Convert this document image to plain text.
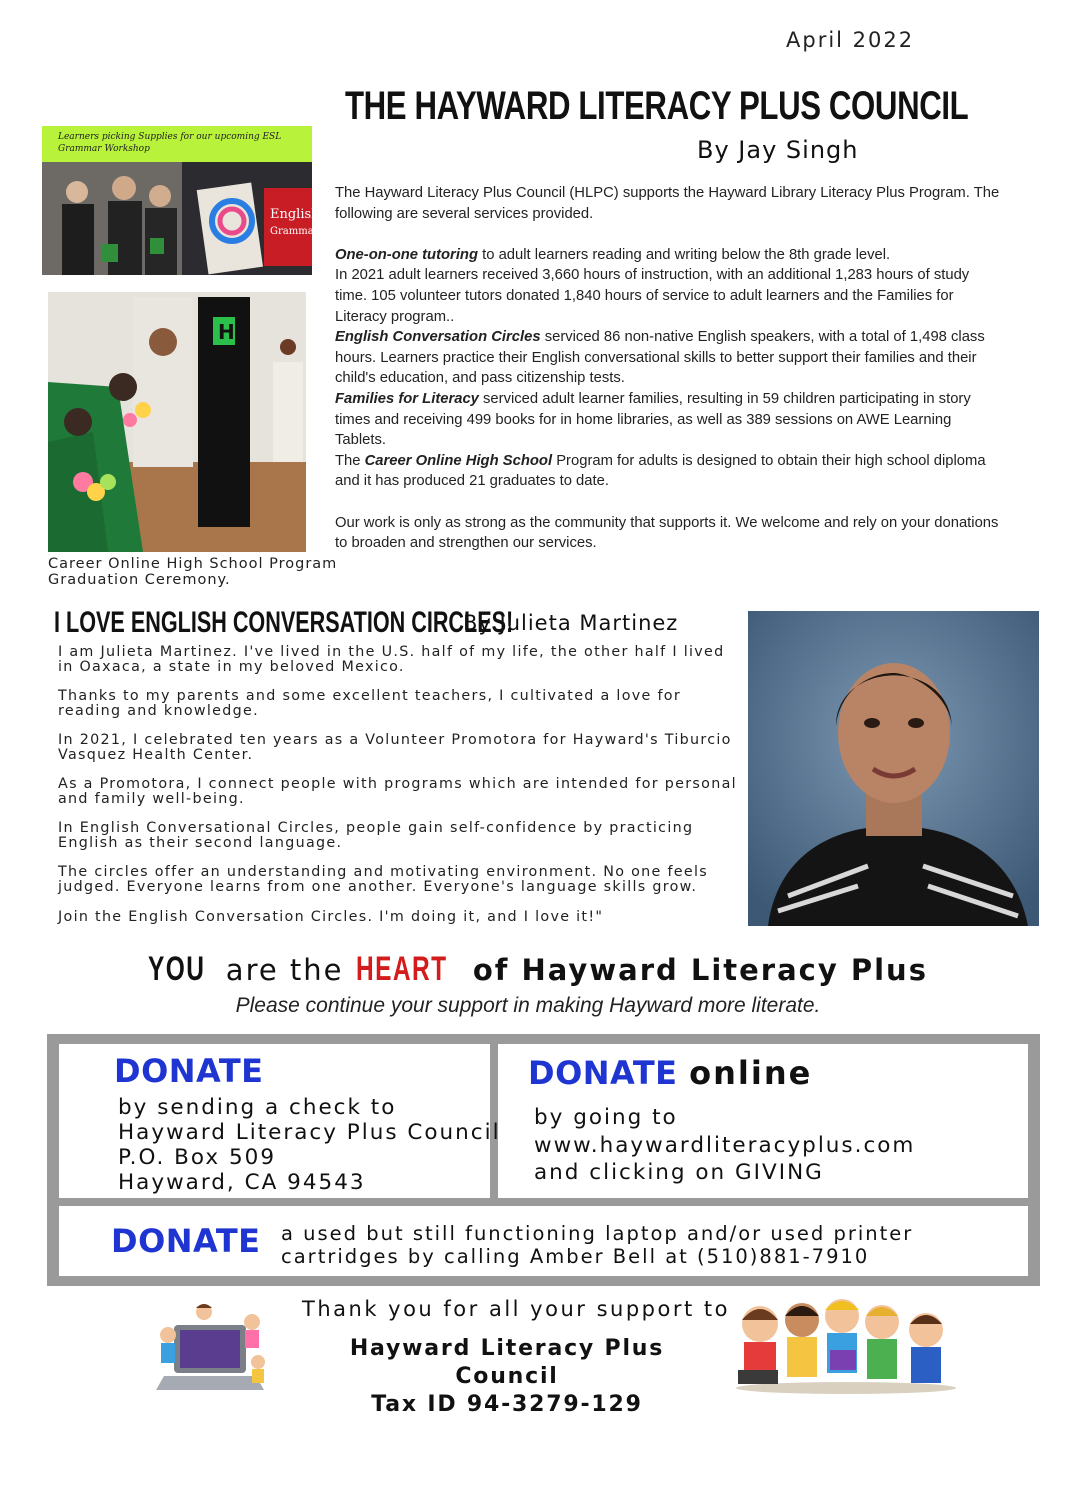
April 2022
THE HAYWARD LITERACY PLUS COUNCIL
By Jay Singh
Learners picking Supplies for our upcoming ESL Grammar Workshop
English
Grammar
H
Career Online High School Program Graduation Ceremony.

The Hayward Literacy Plus Council (HLPC) supports the Hayward Library Literacy Plus Program. The following are several services provided.

One-on-one tutoring to adult learners reading and writing below the 8th grade level.

In 2021 adult learners received 3,660 hours of instruction, with an additional 1,283 hours of study time. 105 volunteer tutors donated 1,840 hours of service to adult learners and the Families for Literacy program..

English Conversation Circles serviced 86 non-native English speakers, with a total of 1,498 class hours. Learners practice their English conversational skills to better support their families and their child's education, and pass citizenship tests.

Families for Literacy serviced adult learner families, resulting in 59 children participating in story times and receiving 499 books for in home libraries, as well as 389 sessions on AWE Learning Tablets.

The Career Online High School Program for adults is designed to obtain their high school diploma and it has produced 21 graduates to date.

Our work is only as strong as the community that supports it. We welcome and rely on your donations to broaden and strengthen our services.

I LOVE ENGLISH CONVERSATION CIRCLES!
By Julieta Martinez

I am Julieta Martinez. I've lived in the U.S. half of my life, the other half I lived in Oaxaca, a state in my beloved Mexico.

Thanks to my parents and some excellent teachers, I cultivated a love for reading and knowledge.

In 2021, I celebrated ten years as a Volunteer Promotora for Hayward's Tiburcio Vasquez Health Center.

As a Promotora, I connect people with programs which are intended for personal and family well-being.

In English Conversational Circles, people gain self-confidence by practicing English as their second language.

The circles offer an understanding and motivating environment. No one feels judged. Everyone learns from one another. Everyone's language skills grow.

Join the English Conversation Circles. I'm doing it, and I love it!"

YOU are the HEART of Hayward Literacy Plus
Please continue your support in making Hayward more literate.
DONATE
by sending a check to
Hayward Literacy Plus Council
P.O. Box 509
Hayward, CA 94543
DONATE online
by going to
www.haywardliteracyplus.com
and clicking on GIVING
DONATE a used but still functioning laptop and/or used printer
cartridges by calling Amber Bell at (510)881-7910
Thank you for all your support to
Hayward Literacy Plus Council
Tax ID 94-3279-129
